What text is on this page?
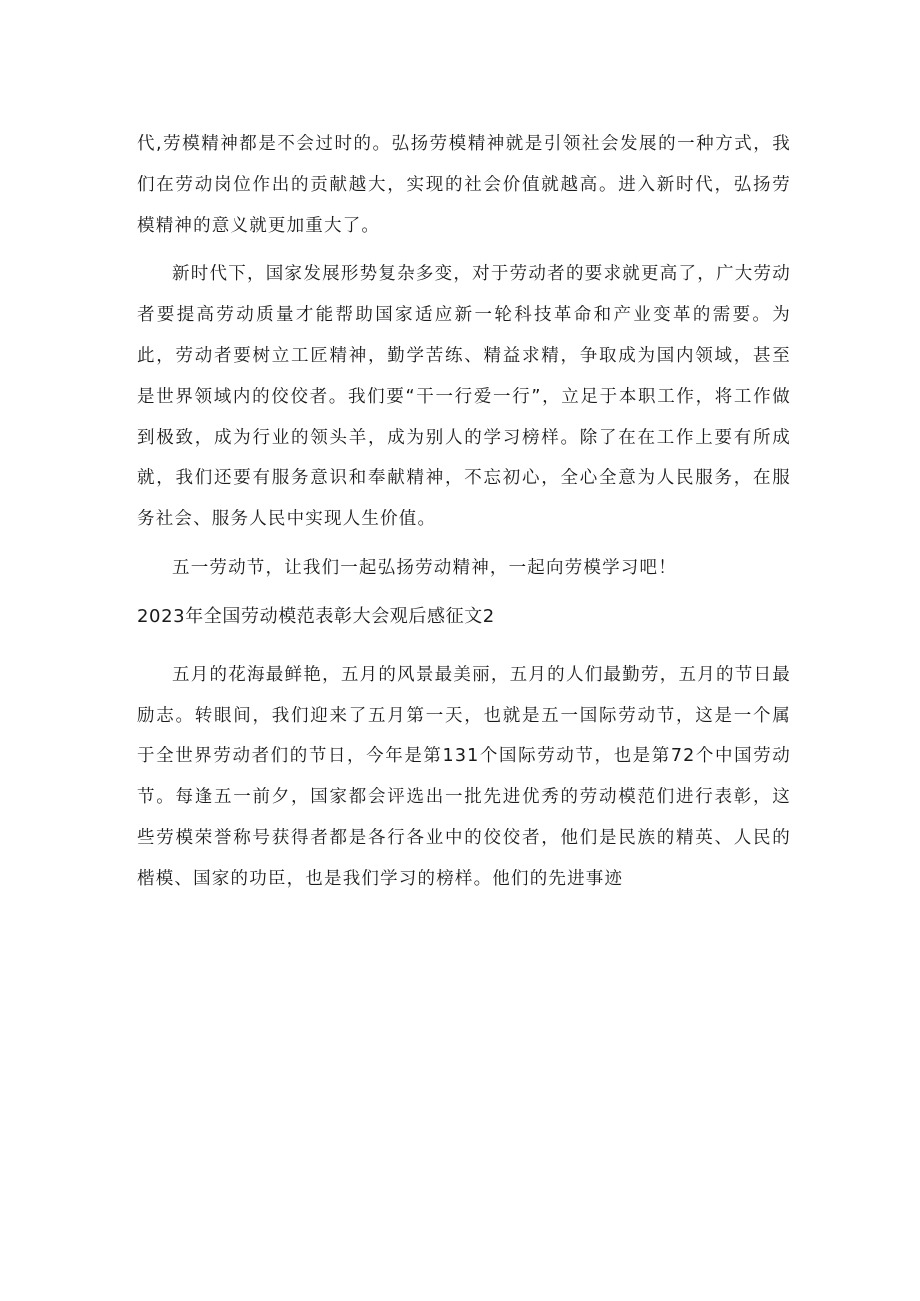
代,劳模精神都是不会过时的。弘扬劳模精神就是引领社会发展的一种方式，我们在劳动岗位作出的贡献越大，实现的社会价值就越高。进入新时代，弘扬劳模精神的意义就更加重大了。

新时代下，国家发展形势复杂多变，对于劳动者的要求就更高了，广大劳动者要提高劳动质量才能帮助国家适应新一轮科技革命和产业变革的需要。为此，劳动者要树立工匠精神，勤学苦练、精益求精，争取成为国内领域，甚至是世界领域内的佼佼者。我们要“干一行爱一行”，立足于本职工作，将工作做到极致，成为行业的领头羊，成为别人的学习榜样。除了在在工作上要有所成就，我们还要有服务意识和奉献精神，不忘初心，全心全意为人民服务，在服务社会、服务人民中实现人生价值。

五一劳动节，让我们一起弘扬劳动精神，一起向劳模学习吧！

2023年全国劳动模范表彰大会观后感征文2

五月的花海最鲜艳，五月的风景最美丽，五月的人们最勤劳，五月的节日最励志。转眼间，我们迎来了五月第一天，也就是五一国际劳动节，这是一个属于全世界劳动者们的节日，今年是第131个国际劳动节，也是第72个中国劳动节。每逢五一前夕，国家都会评选出一批先进优秀的劳动模范们进行表彰，这些劳模荣誉称号获得者都是各行各业中的佼佼者，他们是民族的精英、人民的楷模、国家的功臣，也是我们学习的榜样。他们的先进事迹
